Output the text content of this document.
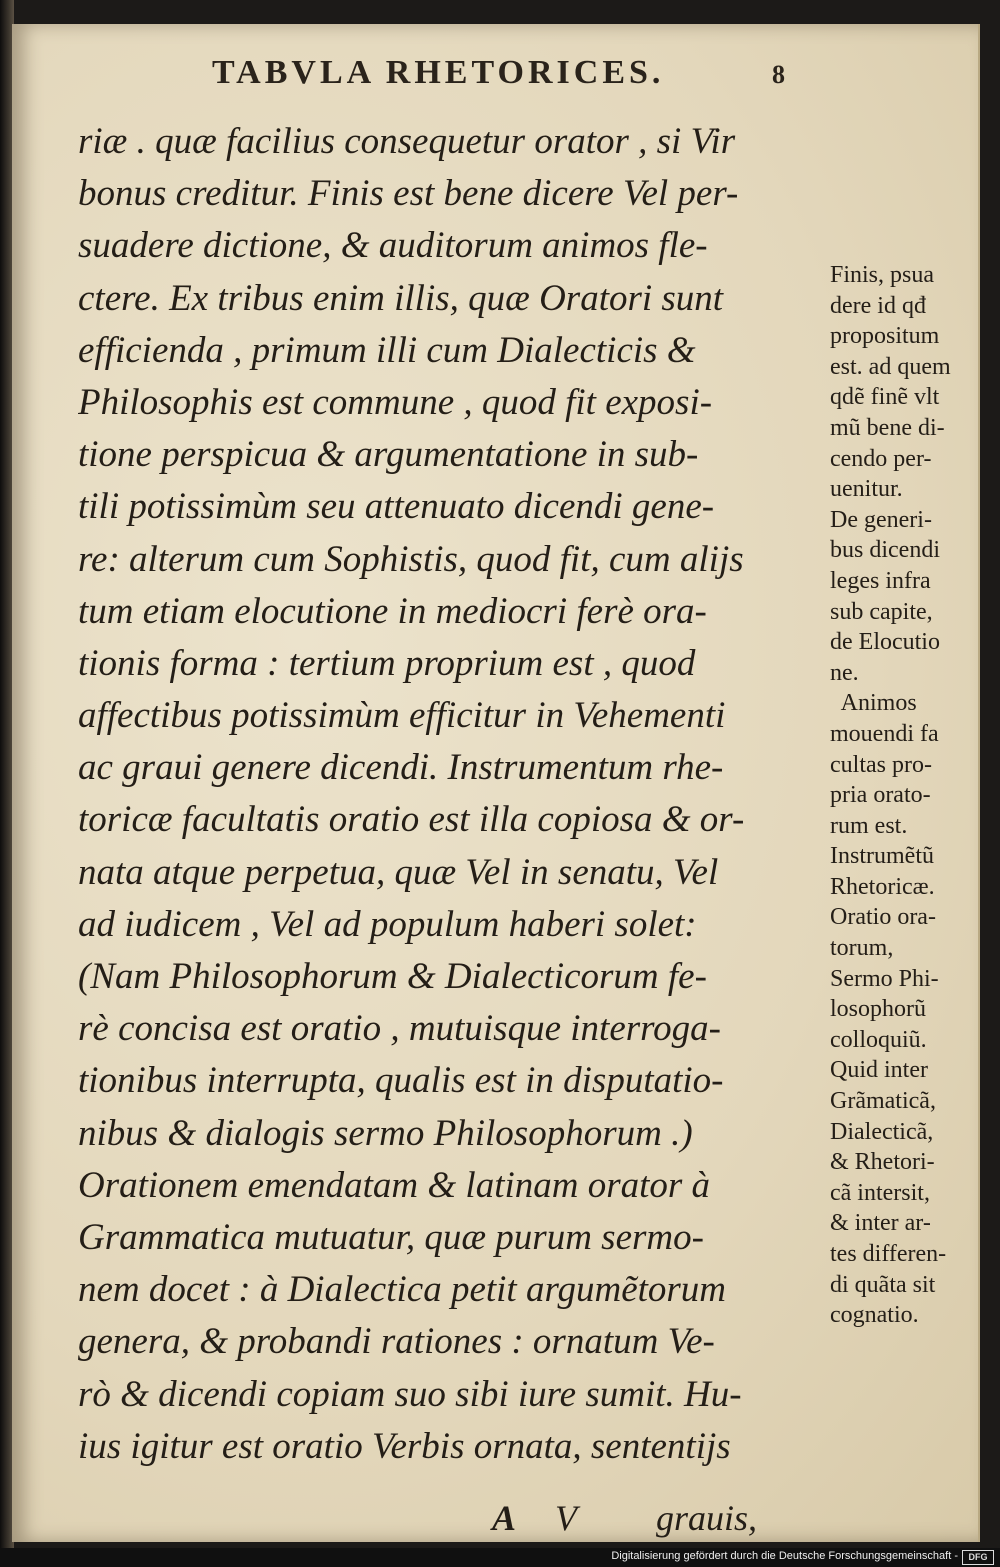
TABVLA RHETORICES.	8
riæ . quæ facilius consequetur orator , si Vir
bonus creditur. Finis est bene dicere Vel per-
suadere dictione, & auditorum animos fle-
ctere. Ex tribus enim illis, quæ Oratori sunt
efficienda , primum illi cum Dialecticis &
Philosophis est commune , quod fit exposi-
tione perspicua & argumentatione in sub-
tili potissimùm seu attenuato dicendi gene-
re: alterum cum Sophistis, quod fit, cum alijs
tum etiam elocutione in mediocri ferè ora-
tionis forma : tertium proprium est , quod
affectibus potissimùm efficitur in Vehementi
ac graui genere dicendi. Instrumentum rhe-
toricæ facultatis oratio est illa copiosa & or-
nata atque perpetua, quæ Vel in senatu, Vel
ad iudicem , Vel ad populum haberi solet:
(Nam Philosophorum & Dialecticorum fe-
rè concisa est oratio , mutuisque interroga-
tionibus interrupta, qualis est in disputatio-
nibus & dialogis sermo Philosophorum .)
Orationem emendatam & latinam orator à
Grammatica mutuatur, quæ purum sermo-
nem docet : à Dialectica petit argumẽtorum
genera, & probandi rationes : ornatum Ve-
rò & dicendi copiam suo sibi iure sumit. Hu-
ius igitur est oratio Verbis ornata, sententijs
A V grauis,
Finis, psua
dere id qđ
propositum
est. ad quem
qdẽ finẽ vlt
mũ bene di-
cendo per-
uenitur.
De generi-
bus dicendi
leges infra
sub capite,
de Elocutio
ne.
Animos
mouendi fa
cultas pro-
pria orato-
rum est.
Instrumẽtũ
Rhetoricæ.
Oratio ora-
torum,
Sermo Phi-
losophorũ
colloquiũ.
Quid inter
Grãmaticã,
Dialecticã,
& Rhetori-
cã intersit,
& inter ar-
tes differen-
di quãta sit
cognatio.
Digitalisierung gefördert durch die Deutsche Forschungsgemeinschaft -	DFG
